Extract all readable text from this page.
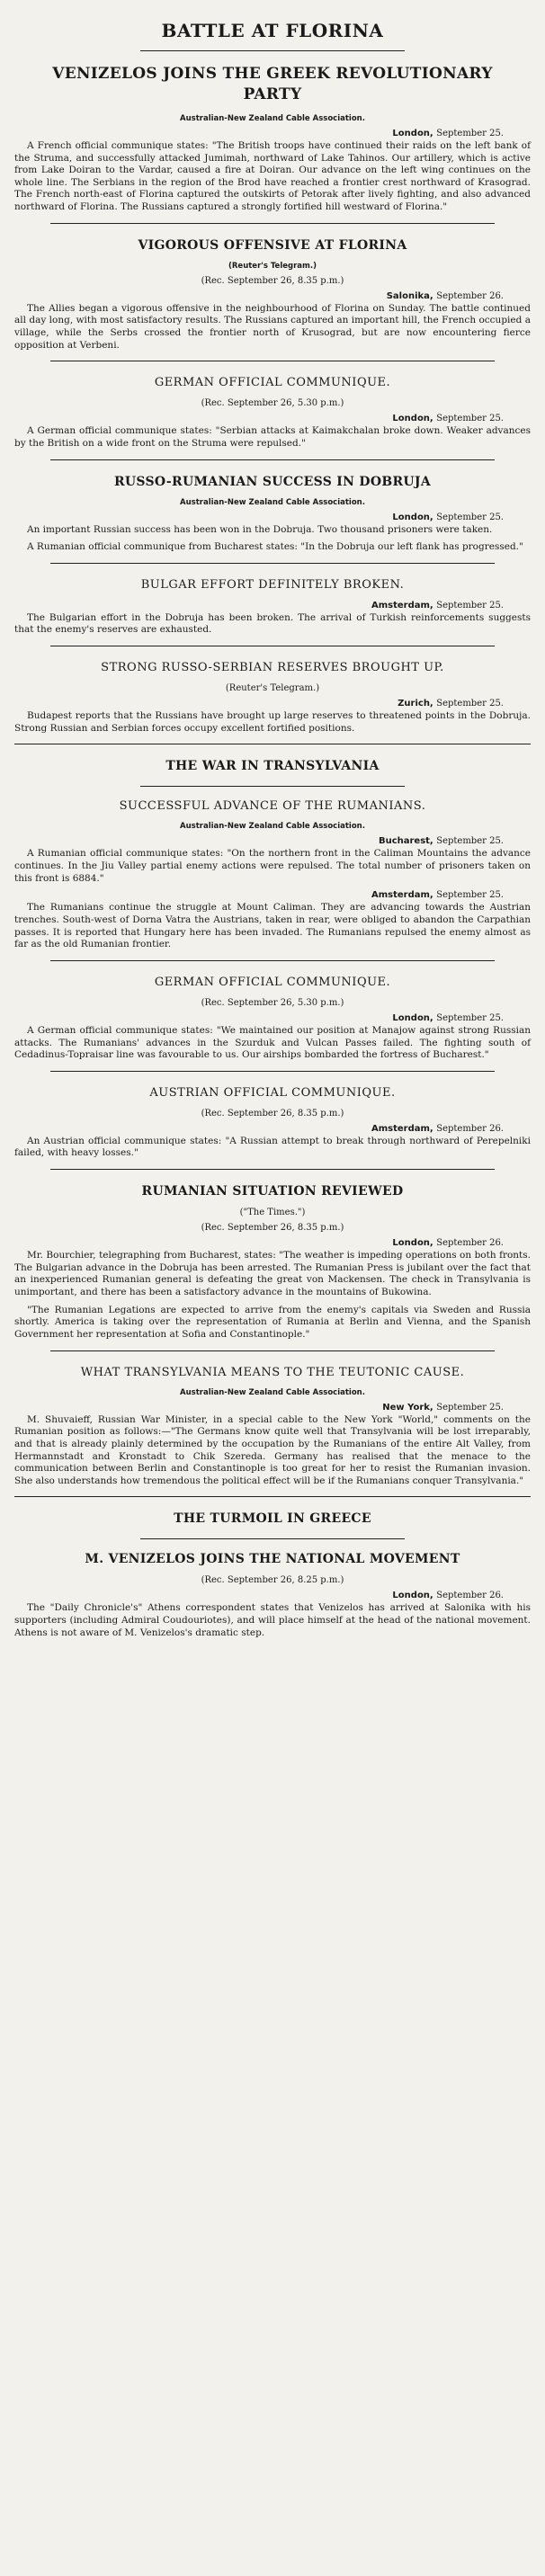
BATTLE AT FLORINA
VENIZELOS JOINS THE GREEK REVOLUTIONARY PARTY
Australian-New Zealand Cable Association.
London, September 25.

A French official communique states: "The British troops have continued their raids on the left bank of the Struma, and successfully attacked Jumimah, northward of Lake Tahinos. Our artillery, which is active from Lake Doiran to the Vardar, caused a fire at Doiran. Our advance on the left wing continues on the whole line. The Serbians in the region of the Brod have reached a frontier crest northward of Krasograd. The French north-east of Florina captured the outskirts of Petorak after lively fighting, and also advanced northward of Florina. The Russians captured a strongly fortified hill westward of Florina."

VIGOROUS OFFENSIVE AT FLORINA
(Reuter's Telegram.)
(Rec. September 26, 8.35 p.m.)
Salonika, September 26.

The Allies began a vigorous offensive in the neighbourhood of Florina on Sunday. The battle continued all day long, with most satisfactory results. The Russians captured an important hill, the French occupied a village, while the Serbs crossed the frontier north of Krusograd, but are now encountering fierce opposition at Verbeni.

GERMAN OFFICIAL COMMUNIQUE.
(Rec. September 26, 5.30 p.m.)
London, September 25.

A German official communique states: "Serbian attacks at Kaimakchalan broke down. Weaker advances by the British on a wide front on the Struma were repulsed."

RUSSO-RUMANIAN SUCCESS IN DOBRUJA
Australian-New Zealand Cable Association.
London, September 25.

An important Russian success has been won in the Dobruja. Two thousand prisoners were taken.

A Rumanian official communique from Bucharest states: "In the Dobruja our left flank has progressed."

BULGAR EFFORT DEFINITELY BROKEN.
Amsterdam, September 25.

The Bulgarian effort in the Dobruja has been broken. The arrival of Turkish reinforcements suggests that the enemy's reserves are exhausted.

STRONG RUSSO-SERBIAN RESERVES BROUGHT UP.
(Reuter's Telegram.)
Zurich, September 25.

Budapest reports that the Russians have brought up large reserves to threatened points in the Dobruja. Strong Russian and Serbian forces occupy excellent fortified positions.

THE WAR IN TRANSYLVANIA
SUCCESSFUL ADVANCE OF THE RUMANIANS.
Australian-New Zealand Cable Association.
Bucharest, September 25.

A Rumanian official communique states: "On the northern front in the Caliman Mountains the advance continues. In the Jiu Valley partial enemy actions were repulsed. The total number of prisoners taken on this front is 6884."

Amsterdam, September 25.

The Rumanians continue the struggle at Mount Caliman. They are advancing towards the Austrian trenches. South-west of Dorna Vatra the Austrians, taken in rear, were obliged to abandon the Carpathian passes. It is reported that Hungary here has been invaded. The Rumanians repulsed the enemy almost as far as the old Rumanian frontier.

GERMAN OFFICIAL COMMUNIQUE.
(Rec. September 26, 5.30 p.m.)
London, September 25.

A German official communique states: "We maintained our position at Manajow against strong Russian attacks. The Rumanians' advances in the Szurduk and Vulcan Passes failed. The fighting south of Cedadinus-Topraisar line was favourable to us. Our airships bombarded the fortress of Bucharest."

AUSTRIAN OFFICIAL COMMUNIQUE.
(Rec. September 26, 8.35 p.m.)
Amsterdam, September 26.

An Austrian official communique states: "A Russian attempt to break through northward of Perepelniki failed, with heavy losses."

RUMANIAN SITUATION REVIEWED
("The Times.")
(Rec. September 26, 8.35 p.m.)
London, September 26.

Mr. Bourchier, telegraphing from Bucharest, states: "The weather is impeding operations on both fronts. The Bulgarian advance in the Dobruja has been arrested. The Rumanian Press is jubilant over the fact that an inexperienced Rumanian general is defeating the great von Mackensen. The check in Transylvania is unimportant, and there has been a satisfactory advance in the mountains of Bukowina.

"The Rumanian Legations are expected to arrive from the enemy's capitals via Sweden and Russia shortly. America is taking over the representation of Rumania at Berlin and Vienna, and the Spanish Government her representation at Sofia and Constantinople."

WHAT TRANSYLVANIA MEANS TO THE TEUTONIC CAUSE.
Australian-New Zealand Cable Association.
New York, September 25.

M. Shuvaieff, Russian War Minister, in a special cable to the New York "World," comments on the Rumanian position as follows:—"The Germans know quite well that Transylvania will be lost irreparably, and that is already plainly determined by the occupation by the Rumanians of the entire Alt Valley, from Hermannstadt and Kronstadt to Chik Szereda. Germany has realised that the menace to the communication between Berlin and Constantinople is too great for her to resist the Rumanian invasion. She also understands how tremendous the political effect will be if the Rumanians conquer Transylvania."

THE TURMOIL IN GREECE
M. VENIZELOS JOINS THE NATIONAL MOVEMENT
(Rec. September 26, 8.25 p.m.)
London, September 26.

The "Daily Chronicle's" Athens correspondent states that Venizelos has arrived at Salonika with his supporters (including Admiral Coudouriotes), and will place himself at the head of the national movement. Athens is not aware of M. Venizelos's dramatic step.
